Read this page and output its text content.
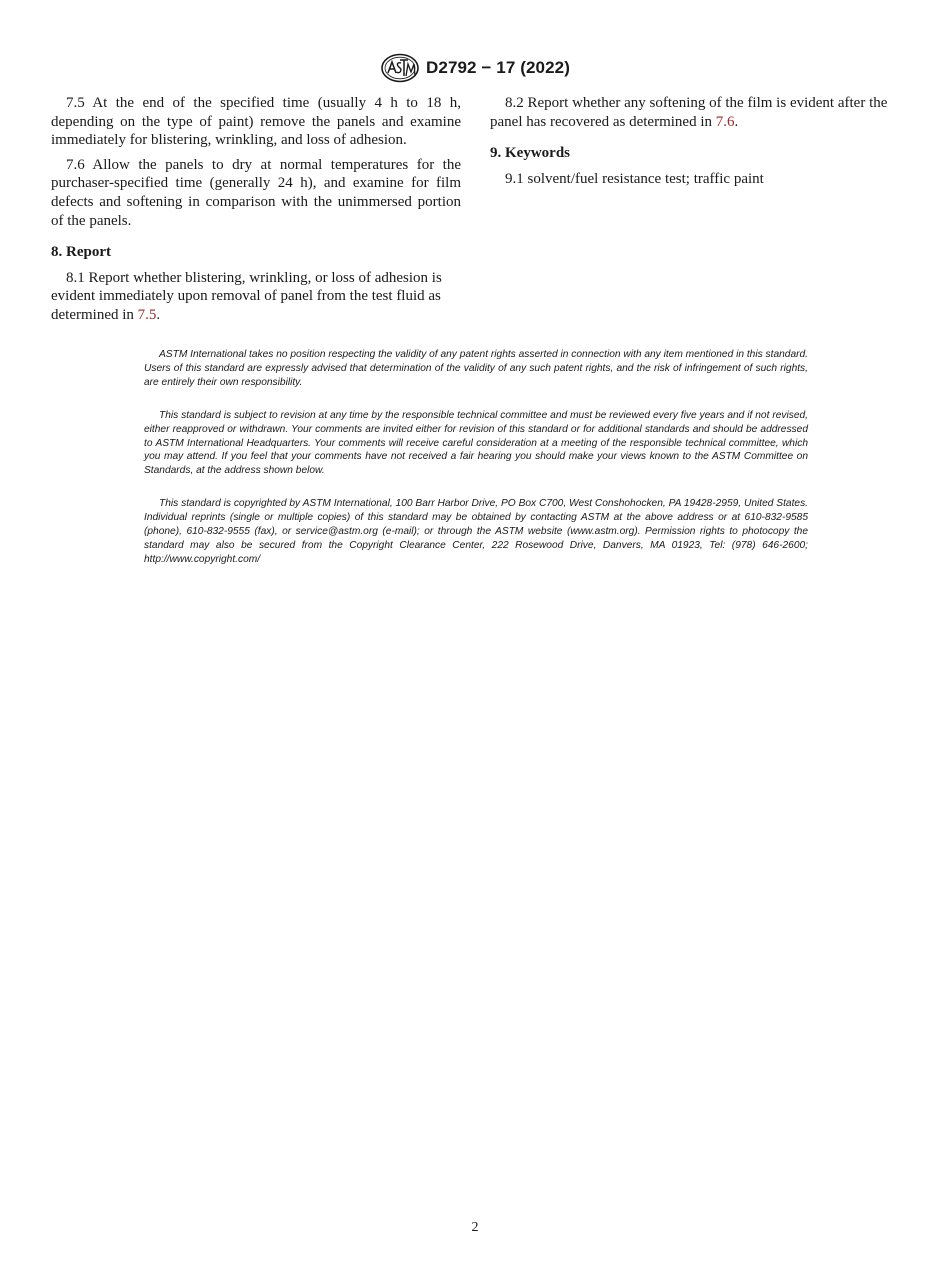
D2792 − 17 (2022)

7.5 At the end of the specified time (usually 4 h to 18 h, depending on the type of paint) remove the panels and examine immediately for blistering, wrinkling, and loss of adhesion.

7.6 Allow the panels to dry at normal temperatures for the purchaser-specified time (generally 24 h), and examine for film defects and softening in comparison with the unimmersed portion of the panels.

8. Report

8.1 Report whether blistering, wrinkling, or loss of adhesion is evident immediately upon removal of panel from the test fluid as determined in 7.5.

8.2 Report whether any softening of the film is evident after the panel has recovered as determined in 7.6.

9. Keywords

9.1 solvent/fuel resistance test; traffic paint

ASTM International takes no position respecting the validity of any patent rights asserted in connection with any item mentioned in this standard. Users of this standard are expressly advised that determination of the validity of any such patent rights, and the risk of infringement of such rights, are entirely their own responsibility.

This standard is subject to revision at any time by the responsible technical committee and must be reviewed every five years and if not revised, either reapproved or withdrawn. Your comments are invited either for revision of this standard or for additional standards and should be addressed to ASTM International Headquarters. Your comments will receive careful consideration at a meeting of the responsible technical committee, which you may attend. If you feel that your comments have not received a fair hearing you should make your views known to the ASTM Committee on Standards, at the address shown below.

This standard is copyrighted by ASTM International, 100 Barr Harbor Drive, PO Box C700, West Conshohocken, PA 19428-2959, United States. Individual reprints (single or multiple copies) of this standard may be obtained by contacting ASTM at the above address or at 610-832-9585 (phone), 610-832-9555 (fax), or service@astm.org (e-mail); or through the ASTM website (www.astm.org). Permission rights to photocopy the standard may also be secured from the Copyright Clearance Center, 222 Rosewood Drive, Danvers, MA 01923, Tel: (978) 646-2600; http://www.copyright.com/

2
